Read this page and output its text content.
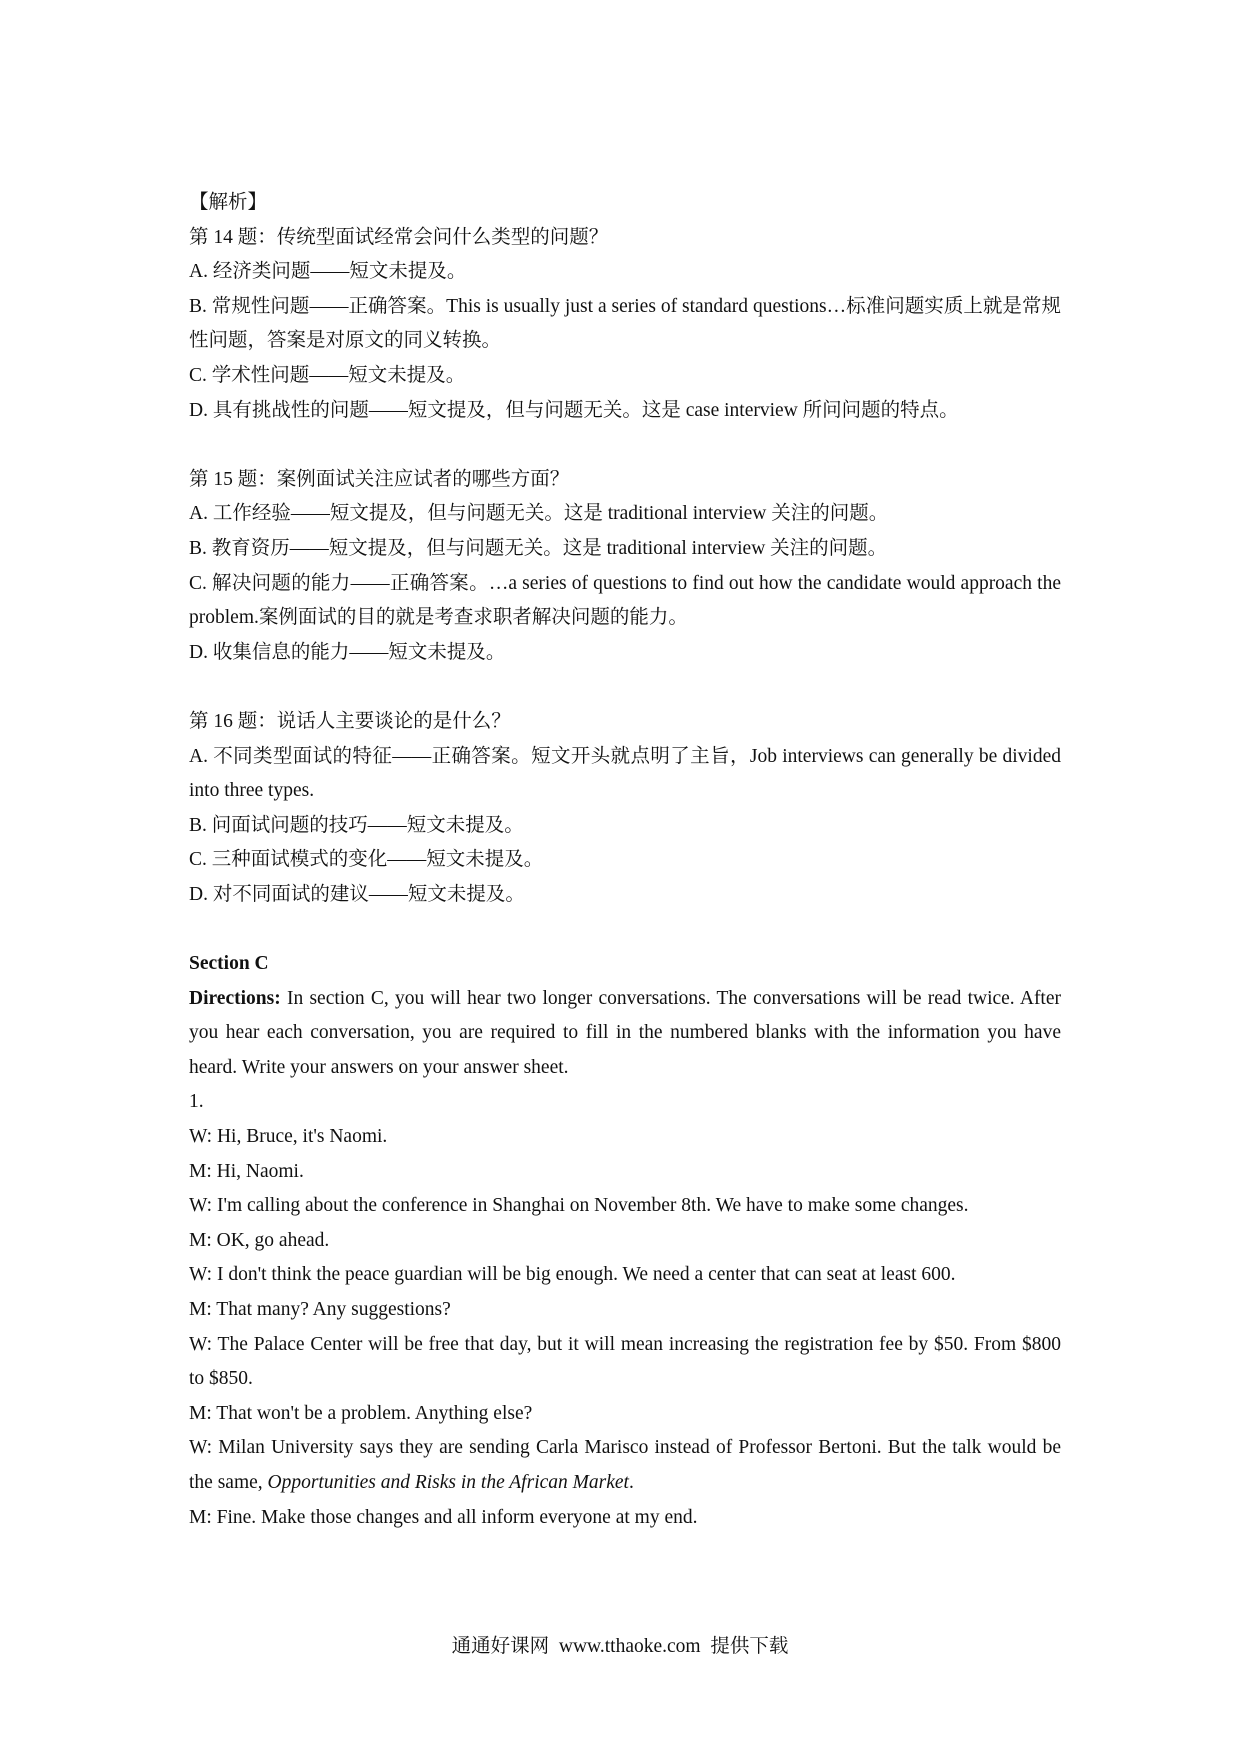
【解析】
第 14 题：传统型面试经常会问什么类型的问题？
A. 经济类问题——短文未提及。
B. 常规性问题——正确答案。This is usually just a series of standard questions…标准问题实质上就是常规性问题，答案是对原文的同义转换。
C. 学术性问题——短文未提及。
D. 具有挑战性的问题——短文提及，但与问题无关。这是 case interview 所问问题的特点。
第 15 题：案例面试关注应试者的哪些方面？
A. 工作经验——短文提及，但与问题无关。这是 traditional interview 关注的问题。
B. 教育资历——短文提及，但与问题无关。这是 traditional interview 关注的问题。
C. 解决问题的能力——正确答案。…a series of questions to find out how the candidate would approach the problem.案例面试的目的就是考查求职者解决问题的能力。
D. 收集信息的能力——短文未提及。
第 16 题：说话人主要谈论的是什么？
A. 不同类型面试的特征——正确答案。短文开头就点明了主旨，Job interviews can generally be divided into three types.
B. 问面试问题的技巧——短文未提及。
C. 三种面试模式的变化——短文未提及。
D. 对不同面试的建议——短文未提及。
Section C
Directions: In section C, you will hear two longer conversations. The conversations will be read twice. After you hear each conversation, you are required to fill in the numbered blanks with the information you have heard. Write your answers on your answer sheet.
1.
W: Hi, Bruce, it's Naomi.
M: Hi, Naomi.
W: I'm calling about the conference in Shanghai on November 8th. We have to make some changes.
M: OK, go ahead.
W: I don't think the peace guardian will be big enough. We need a center that can seat at least 600.
M: That many? Any suggestions?
W: The Palace Center will be free that day, but it will mean increasing the registration fee by $50. From $800 to $850.
M: That won't be a problem. Anything else?
W: Milan University says they are sending Carla Marisco instead of Professor Bertoni. But the talk would be the same, Opportunities and Risks in the African Market.
M: Fine. Make those changes and all inform everyone at my end.
通通好课网  www.tthaoke.com  提供下载
